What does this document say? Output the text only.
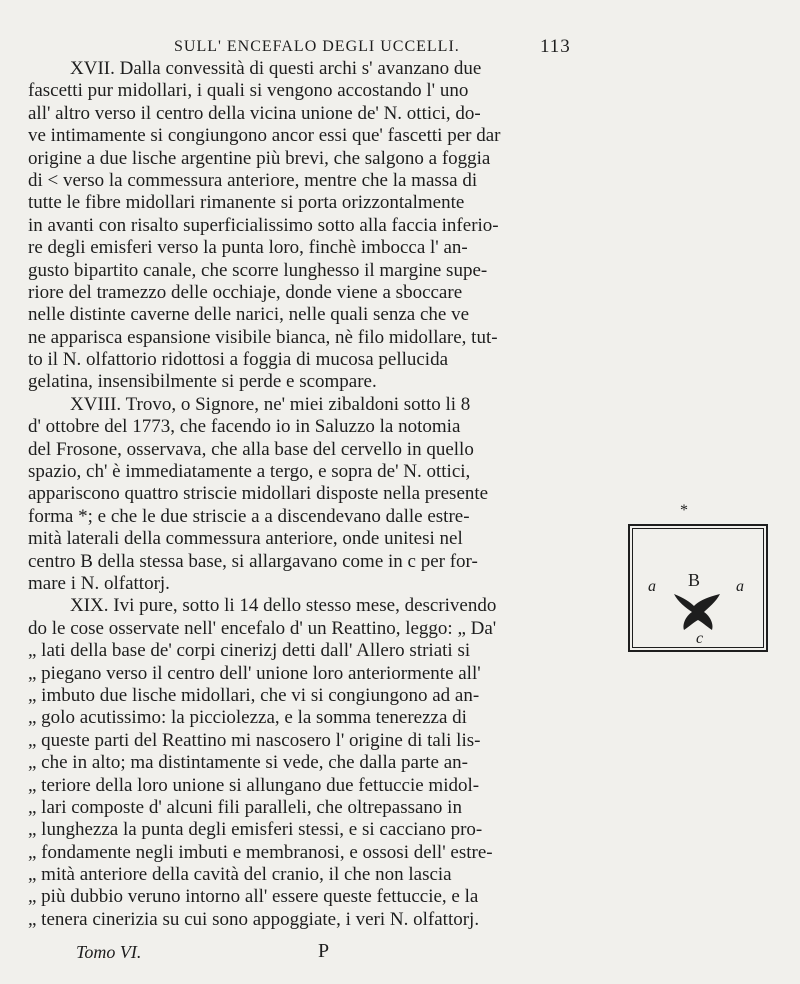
SULL' ENCEFALO DEGLI UCCELLI.	113
XVII. Dalla convessità di questi archi s' avanzano due
fascetti pur midollari, i quali si vengono accostando l' uno
all' altro verso il centro della vicina unione de' N. ottici, do-
ve intimamente si congiungono ancor essi que' fascetti per dar
origine a due lische argentine più brevi, che salgono a foggia
di < verso la commessura anteriore, mentre che la massa di
tutte le fibre midollari rimanente si porta orizzontalmente
in avanti con risalto superficialissimo sotto alla faccia inferio-
re degli emisferi verso la punta loro, finchè imbocca l' an-
gusto bipartito canale, che scorre lunghesso il margine supe-
riore del tramezzo delle occhiaje, donde viene a sboccare
nelle distinte caverne delle narici, nelle quali senza che ve
ne apparisca espansione visibile bianca, nè filo midollare, tut-
to il N. olfattorio ridottosi a foggia di mucosa pellucida
gelatina, insensibilmente si perde e scompare.
XVIII. Trovo, o Signore, ne' miei zibaldoni sotto li 8
d' ottobre del 1773, che facendo io in Saluzzo la notomia
del Frosone, osservava, che alla base del cervello in quello
spazio, ch' è immediatamente a tergo, e sopra de' N. ottici,
appariscono quattro striscie midollari disposte nella presente
forma *; e che le due striscie a a discendevano dalle estre-
mità laterali della commessura anteriore, onde unitesi nel
centro B della stessa base, si allargavano come in c per for-
mare i N. olfattorj.
XIX. Ivi pure, sotto li 14 dello stesso mese, descrivendo
do le cose osservate nell' encefalo d' un Reattino, leggo: „ Da'
„ lati della base de' corpi cinerizj detti dall' Allero striati si
„ piegano verso il centro dell' unione loro anteriormente all'
„ imbuto due lische midollari, che vi si congiungono ad an-
„ golo acutissimo: la picciolezza, e la somma tenerezza di
„ queste parti del Reattino mi nascosero l' origine di tali lis-
„ che in alto; ma distintamente si vede, che dalla parte an-
„ teriore della loro unione si allungano due fettuccie midol-
„ lari composte d' alcuni fili paralleli, che oltrepassano in
„ lunghezza la punta degli emisferi stessi, e si cacciano pro-
„ fondamente negli imbuti e membranosi, e ossosi dell' estre-
„ mità anteriore della cavità del cranio, il che non lascia
„ più dubbio veruno intorno all' essere queste fettuccie, e la
„ tenera cinerizia su cui sono appoggiate, i veri N. olfattorj.
*
a B a
c
Tomo VI.	P
